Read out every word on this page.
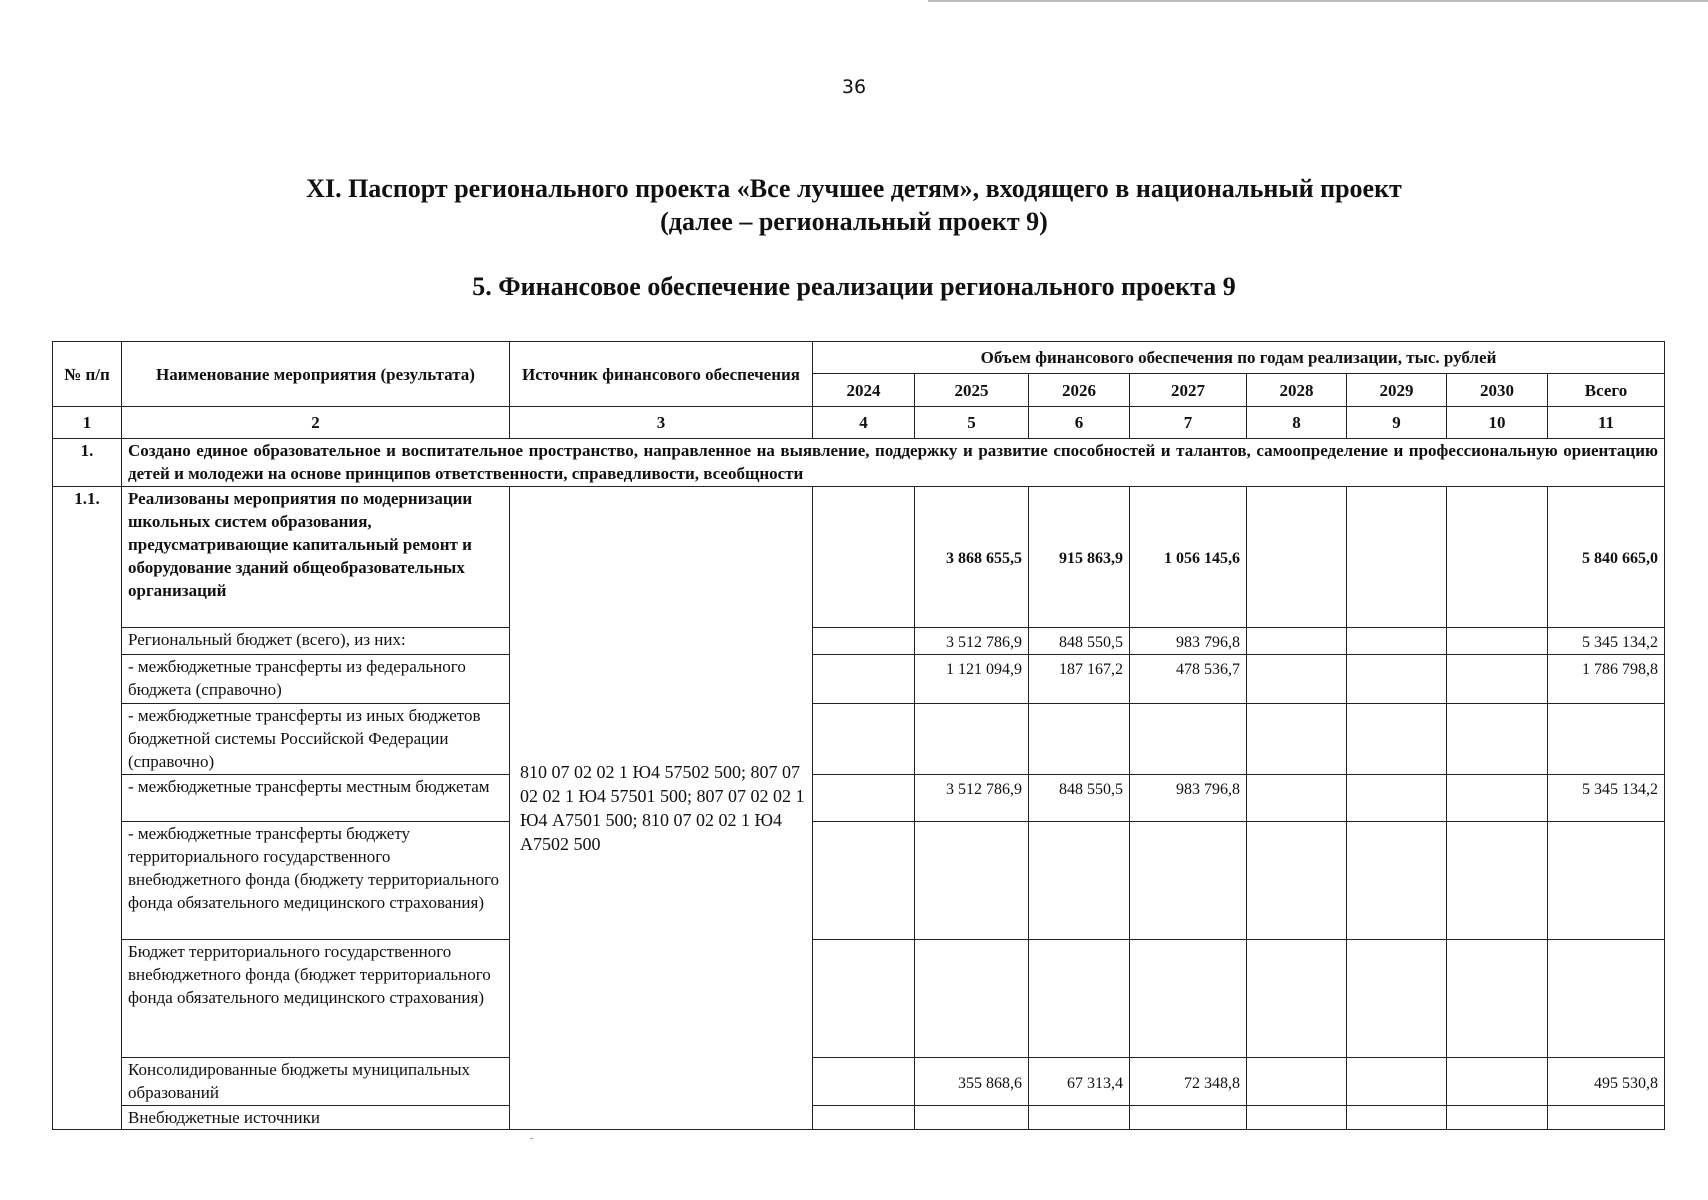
36
XI. Паспорт регионального проекта «Все лучшее детям», входящего в национальный проект
(далее – региональный проект 9)
5. Финансовое обеспечение реализации регионального проекта 9
№ п/п	Наименование мероприятия (результата)	Источник финансового обеспечения	Объем финансового обеспечения по годам реализации, тыс. рублей							
			2024	2025	2026	2027	2028	2029	2030	Всего
1	2	3	4	5	6	7	8	9	10	11
1.	Создано единое образовательное и воспитательное пространство, направленное на выявление, поддержку и развитие способностей и талантов, самоопределение и профессиональную ориентацию детей и молодежи на основе принципов ответственности, справедливости, всеобщности									
1.1.	Реализованы мероприятия по модернизации школьных систем образования, предусматривающие капитальный ремонт и оборудование зданий общеобразовательных организаций	810 07 02 02 1 Ю4 57502 500; 807 07 02 02 1 Ю4 57501 500; 807 07 02 02 1 Ю4 А7501 500; 810 07 02 02 1 Ю4 А7502 500		3 868 655,5	915 863,9	1 056 145,6				5 840 665,0
	Региональный бюджет (всего), из них:			3 512 786,9	848 550,5	983 796,8				5 345 134,2
	- межбюджетные трансферты из федерального бюджета (справочно)			1 121 094,9	187 167,2	478 536,7				1 786 798,8
	- межбюджетные трансферты из иных бюджетов бюджетной системы Российской Федерации (справочно)									
	- межбюджетные трансферты местным бюджетам			3 512 786,9	848 550,5	983 796,8				5 345 134,2
	- межбюджетные трансферты бюджету территориального государственного внебюджетного фонда (бюджету территориального фонда обязательного медицинского страхования)									
	Бюджет территориального государственного внебюджетного фонда (бюджет территориального фонда обязательного медицинского страхования)									
	Консолидированные бюджеты муниципальных образований			355 868,6	67 313,4	72 348,8				495 530,8
	Внебюджетные источники									
